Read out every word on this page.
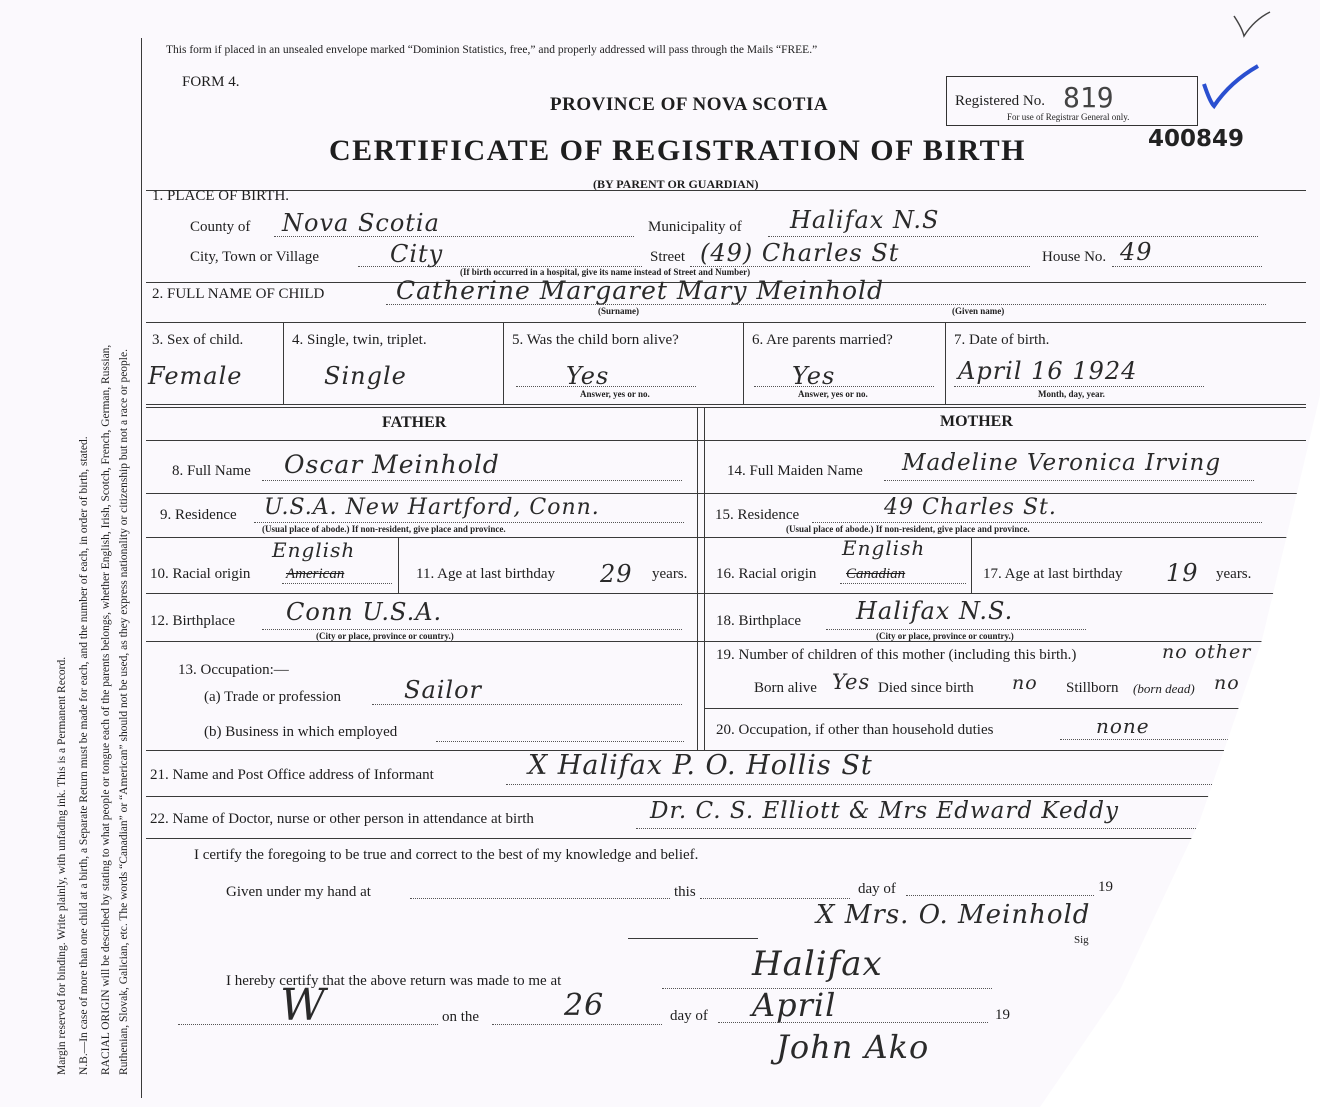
Margin reserved for binding. Write plainly, with unfading ink. This is a Permanent Record. N.B.—In case of more than one child at a birth, a Separate Return must be made for each, and the number of each, in order of birth, stated. RACIAL ORIGIN will be described by stating to what people or tongue each of the parents belongs, whether English, Irish, Scotch, French, German, Russian, Ruthenian, Slovak, Galician, etc. The words “Canadian” or “American” should not be used, as they express nationality or citizenship but not a race or people.
This form if placed in an unsealed envelope marked “Dominion Statistics, free,” and properly addressed will pass through the Mails “FREE.”
FORM 4.
PROVINCE OF NOVA SCOTIA
CERTIFICATE OF REGISTRATION OF BIRTH
(BY PARENT OR GUARDIAN)
Registered No. 819
For use of Registrar General only.
400849
1. PLACE OF BIRTH.
County of Nova Scotia	Municipality of Halifax N.S
City, Town or Village	City	Street (49) Charles St
(If birth occurred in a hospital, give its name instead of Street and Number)
House No. 49
2. FULL NAME OF CHILD	Catherine Margaret Mary Meinhold
(Surname)	(Given name)
3. Sex of child.
Female
4. Single, twin, triplet.
Single
5. Was the child born alive?
Yes
Answer, yes or no.
6. Are parents married?
Yes
Answer, yes or no.
7. Date of birth.
April 16 1924
Month, day, year.
FATHER	MOTHER
8. Full Name Oscar Meinhold	14. Full Maiden Name Madeline Veronica Irving
9. Residence U.S.A. New Hartford, Conn.
(Usual place of abode.) If non-resident, give place and province.
15. Residence	49 Charles St.
(Usual place of abode.) If non-resident, give place and province.
10. Racial origin American
English
11. Age at last birthday 29 years. 16. Racial origin Canadian
English
17. Age at last birthday 19 years.
12. Birthplace Conn U.S.A.
(City or place, province or country.)
18. Birthplace Halifax N.S.
(City or place, province or country.)
13. Occupation:—
(a) Trade or profession	Sailor
(b) Business in which employed
19. Number of children of this mother (including this birth.)	no other
Born alive Yes Died since birth no Stillborn (born dead) no
20. Occupation, if other than household duties	none
21. Name and Post Office address of Informant	X Halifax P. O. Hollis St
22. Name of Doctor, nurse or other person in attendance at birth	Dr. C. S. Elliott & Mrs Edward Keddy
I certify the foregoing to be true and correct to the best of my knowledge and belief.
Given under my hand at	this	day of	19
X Mrs. O. Meinhold
Sig
I hereby certify that the above return was made to me at	Halifax
W	on the	26	day of April	19
John Ako
